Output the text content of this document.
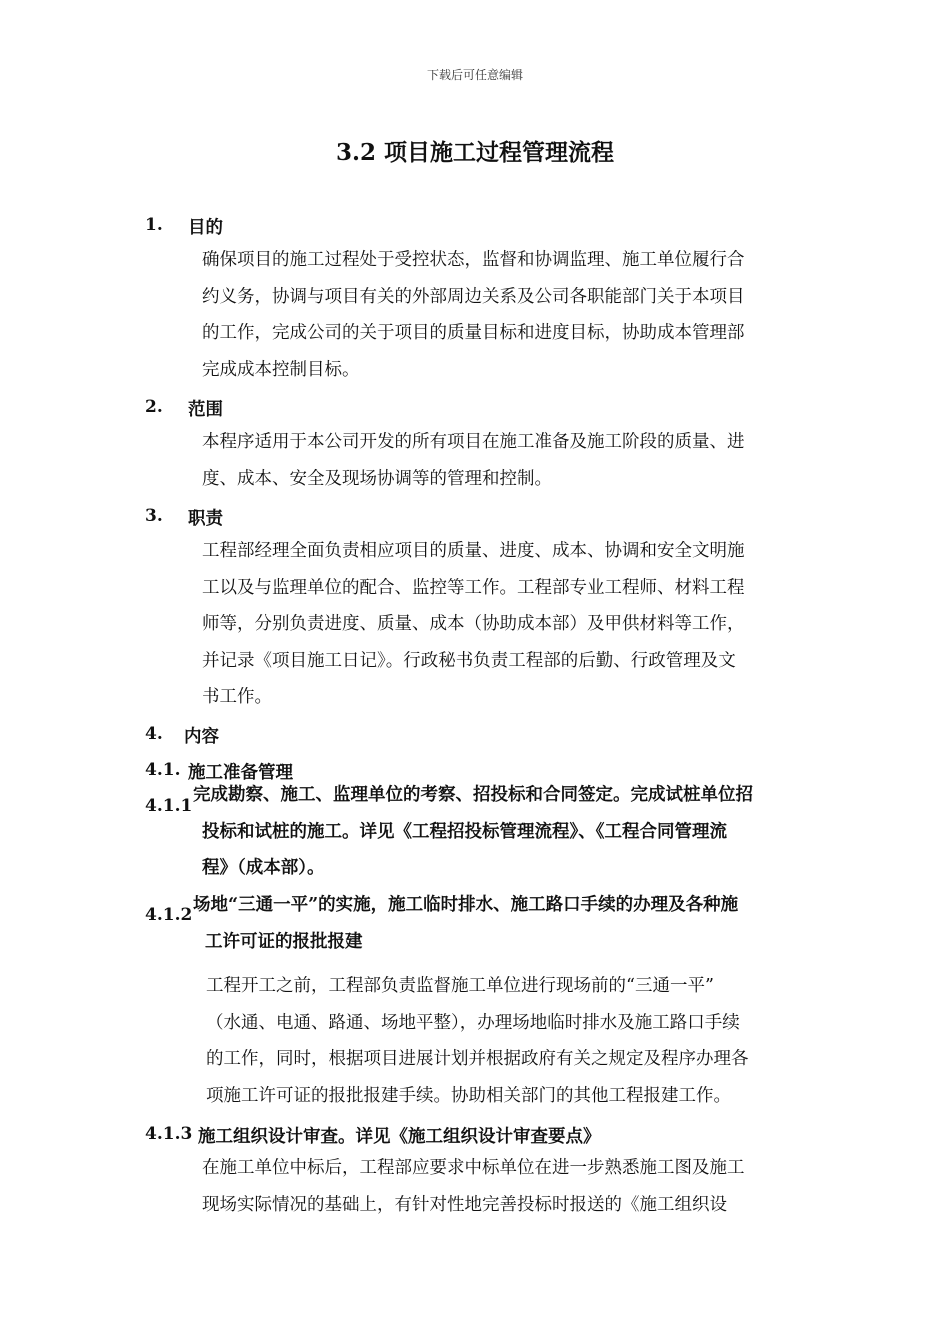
下载后可任意编辑
3.2 项目施工过程管理流程
1. 目的
确保项目的施工过程处于受控状态，监督和协调监理、施工单位履行合
约义务，协调与项目有关的外部周边关系及公司各职能部门关于本项目
的工作，完成公司的关于项目的质量目标和进度目标，协助成本管理部
完成成本控制目标。
2. 范围
本程序适用于本公司开发的所有项目在施工准备及施工阶段的质量、进
度、成本、安全及现场协调等的管理和控制。
3. 职责
工程部经理全面负责相应项目的质量、进度、成本、协调和安全文明施
工以及与监理单位的配合、监控等工作。工程部专业工程师、材料工程
师等，分别负责进度、质量、成本（协助成本部）及甲供材料等工作，
并记录《项目施工日记》。行政秘书负责工程部的后勤、行政管理及文
书工作。
4. 内容
4.1. 施工准备管理
4.1.1
完成勘察、施工、监理单位的考察、招投标和合同签定。完成试桩单位招
投标和试桩的施工。详见《工程招投标管理流程》、《工程合同管理流
程》（成本部）。
4.1.2 场地“三通一平”的实施，施工临时排水、施工路口手续的办理及各种施
工许可证的报批报建
工程开工之前，工程部负责监督施工单位进行现场前的“三通一平”
（水通、电通、路通、场地平整），办理场地临时排水及施工路口手续
的工作，同时，根据项目进展计划并根据政府有关之规定及程序办理各
项施工许可证的报批报建手续。协助相关部门的其他工程报建工作。
4.1.3 施工组织设计审查。详见《施工组织设计审查要点》
在施工单位中标后，工程部应要求中标单位在进一步熟悉施工图及施工
现场实际情况的基础上，有针对性地完善投标时报送的《施工组织设
